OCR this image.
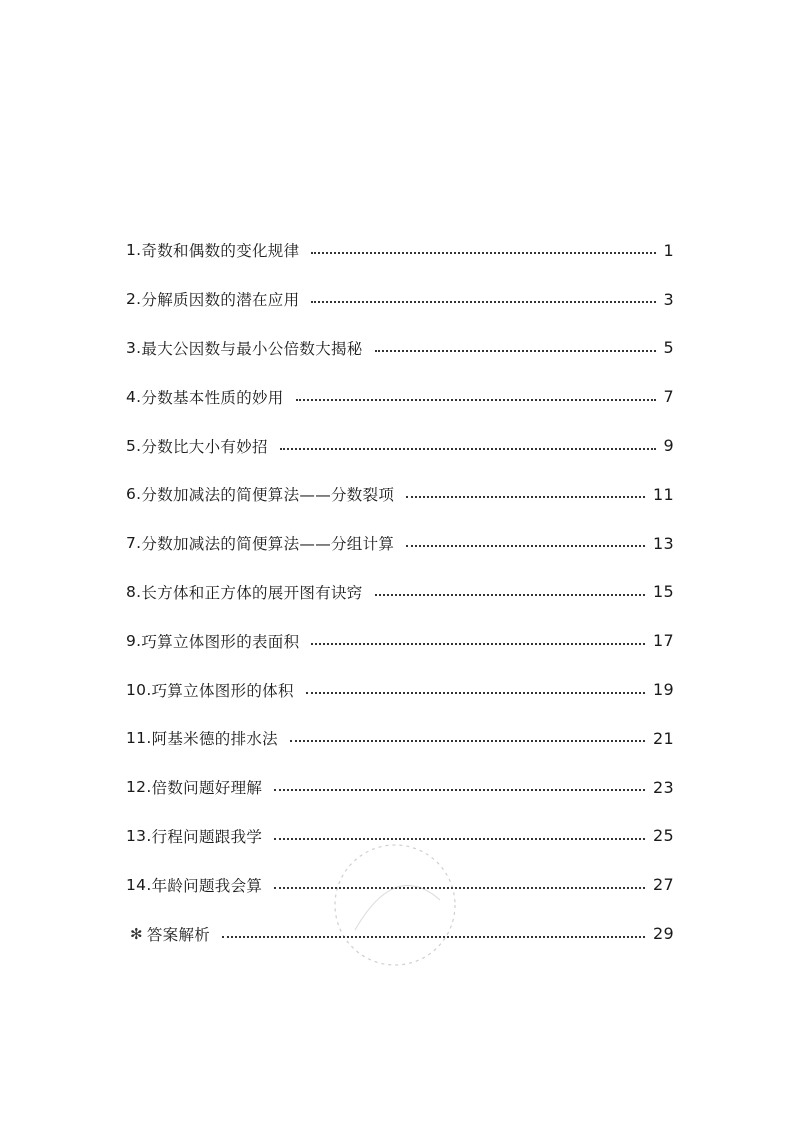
1. 奇数和偶数的变化规律	1
2. 分解质因数的潜在应用	3
3. 最大公因数与最小公倍数大揭秘	5
4. 分数基本性质的妙用	7
5. 分数比大小有妙招	9
6. 分数加减法的简便算法——分数裂项	11
7. 分数加减法的简便算法——分组计算	13
8. 长方体和正方体的展开图有诀窍	15
9. 巧算立体图形的表面积	17
10. 巧算立体图形的体积	19
11. 阿基米德的排水法	21
12. 倍数问题好理解	23
13. 行程问题跟我学	25
14. 年龄问题我会算	27
✻ 答案解析	29
